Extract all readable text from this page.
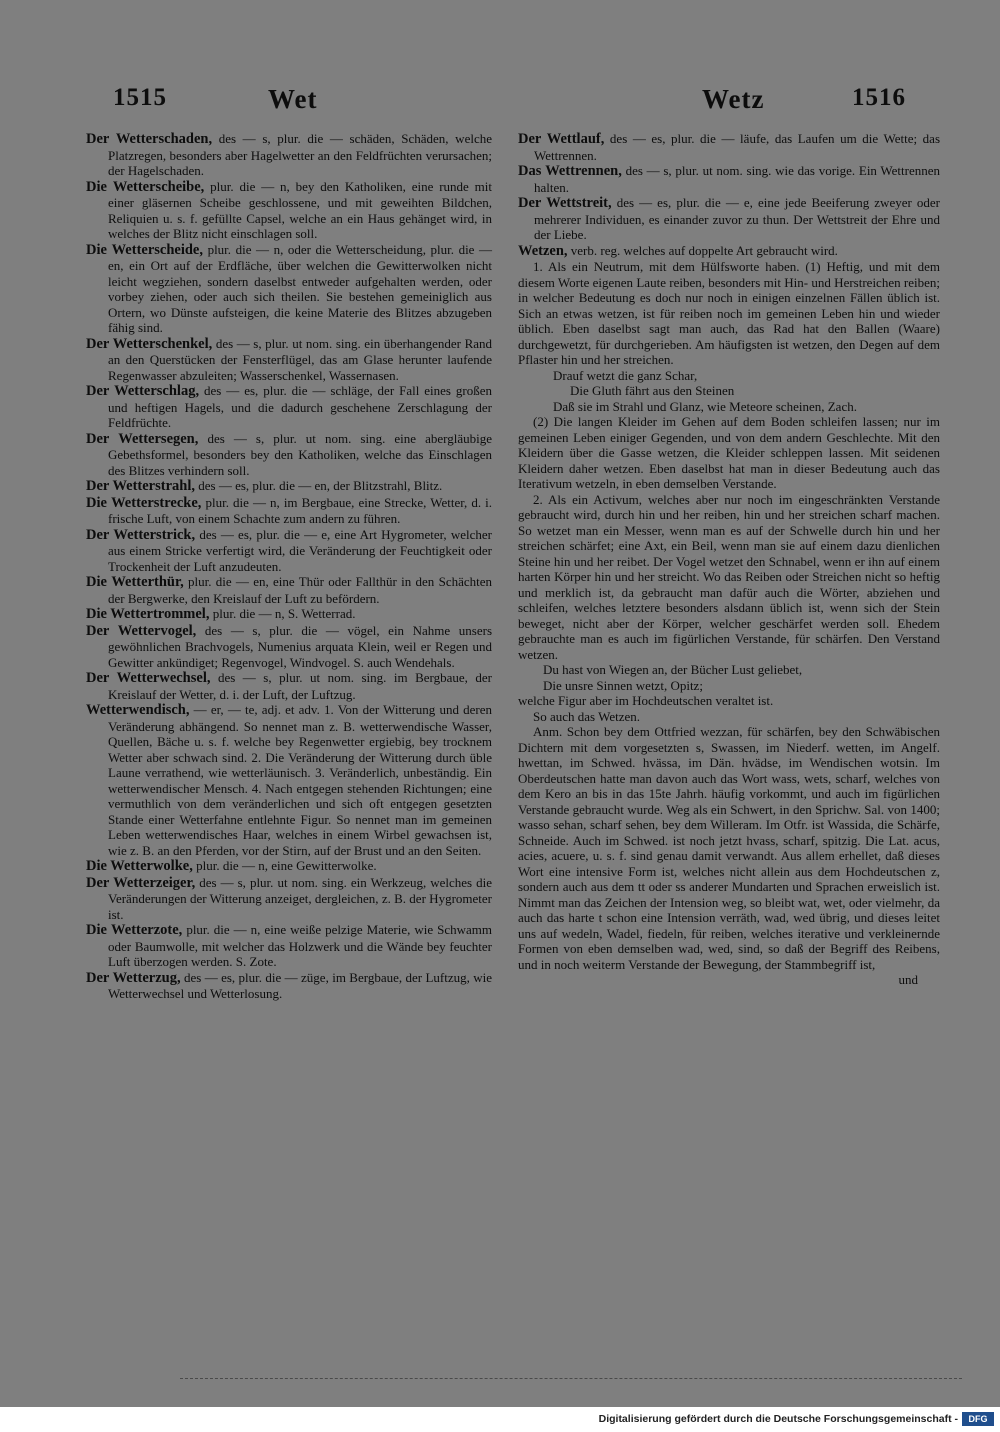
1515	Wet	Wetz	1516

Der Wetterschaden, des — s, plur. die — schäden, Schäden, welche Platzregen, besonders aber Hagelwetter an den Feldfrüchten verursachen; der Hagelschaden.

Die Wetterscheibe, plur. die — n, bey den Katholiken, eine runde mit einer gläsernen Scheibe geschlossene, und mit geweihten Bildchen, Reliquien u. s. f. gefüllte Capsel, welche an ein Haus gehänget wird, in welches der Blitz nicht einschlagen soll.

Die Wetterscheide, plur. die — n, oder die Wetterscheidung, plur. die — en, ein Ort auf der Erdfläche, über welchen die Gewitterwolken nicht leicht wegziehen, sondern daselbst entweder aufgehalten werden, oder vorbey ziehen, oder auch sich theilen. Sie bestehen gemeiniglich aus Ortern, wo Dünste aufsteigen, die keine Materie des Blitzes abzugeben fähig sind.

Der Wetterschenkel, des — s, plur. ut nom. sing. ein überhangender Rand an den Querstücken der Fensterflügel, das am Glase herunter laufende Regenwasser abzuleiten; Wasserschenkel, Wassernasen.

Der Wetterschlag, des — es, plur. die — schläge, der Fall eines großen und heftigen Hagels, und die dadurch geschehene Zerschlagung der Feldfrüchte.

Der Wettersegen, des — s, plur. ut nom. sing. eine abergläubige Gebethsformel, besonders bey den Katholiken, welche das Einschlagen des Blitzes verhindern soll.

Der Wetterstrahl, des — es, plur. die — en, der Blitzstrahl, Blitz.

Die Wetterstrecke, plur. die — n, im Bergbaue, eine Strecke, Wetter, d. i. frische Luft, von einem Schachte zum andern zu führen.

Der Wetterstrick, des — es, plur. die — e, eine Art Hygrometer, welcher aus einem Stricke verfertigt wird, die Veränderung der Feuchtigkeit oder Trockenheit der Luft anzudeuten.

Die Wetterthür, plur. die — en, eine Thür oder Fallthür in den Schächten der Bergwerke, den Kreislauf der Luft zu befördern.

Die Wettertrommel, plur. die — n, S. Wetterrad.

Der Wettervogel, des — s, plur. die — vögel, ein Nahme unsers gewöhnlichen Brachvogels, Numenius arquata Klein, weil er Regen und Gewitter ankündiget; Regenvogel, Windvogel. S. auch Wendehals.

Der Wetterwechsel, des — s, plur. ut nom. sing. im Bergbaue, der Kreislauf der Wetter, d. i. der Luft, der Luftzug.

Wetterwendisch, — er, — te, adj. et adv. 1. Von der Witterung und deren Veränderung abhängend. So nennet man z. B. wetterwendische Wasser, Quellen, Bäche u. s. f. welche bey Regenwetter ergiebig, bey trocknem Wetter aber schwach sind. 2. Die Veränderung der Witterung durch üble Laune verrathend, wie wetterläunisch. 3. Veränderlich, unbeständig. Ein wetterwendischer Mensch. 4. Nach entgegen stehenden Richtungen; eine vermuthlich von dem veränderlichen und sich oft entgegen gesetzten Stande einer Wetterfahne entlehnte Figur. So nennet man im gemeinen Leben wetterwendisches Haar, welches in einem Wirbel gewachsen ist, wie z. B. an den Pferden, vor der Stirn, auf der Brust und an den Seiten.

Die Wetterwolke, plur. die — n, eine Gewitterwolke.

Der Wetterzeiger, des — s, plur. ut nom. sing. ein Werkzeug, welches die Veränderungen der Witterung anzeiget, dergleichen, z. B. der Hygrometer ist.

Die Wetterzote, plur. die — n, eine weiße pelzige Materie, wie Schwamm oder Baumwolle, mit welcher das Holzwerk und die Wände bey feuchter Luft überzogen werden. S. Zote.

Der Wetterzug, des — es, plur. die — züge, im Bergbaue, der Luftzug, wie Wetterwechsel und Wetterlosung.

Der Wettlauf, des — es, plur. die — läufe, das Laufen um die Wette; das Wettrennen.

Das Wettrennen, des — s, plur. ut nom. sing. wie das vorige. Ein Wettrennen halten.

Der Wettstreit, des — es, plur. die — e, eine jede Beeiferung zweyer oder mehrerer Individuen, es einander zuvor zu thun. Der Wettstreit der Ehre und der Liebe.

Wetzen, verb. reg. welches auf doppelte Art gebraucht wird.

1. Als ein Neutrum, mit dem Hülfsworte haben. (1) Heftig, und mit dem diesem Worte eigenen Laute reiben, besonders mit Hin- und Herstreichen reiben; in welcher Bedeutung es doch nur noch in einigen einzelnen Fällen üblich ist. Sich an etwas wetzen, ist für reiben noch im gemeinen Leben hin und wieder üblich. Eben daselbst sagt man auch, das Rad hat den Ballen (Waare) durchgewetzt, für durchgerieben. Am häufigsten ist wetzen, den Degen auf dem Pflaster hin und her streichen.

Drauf wetzt die ganz Schar,
Die Gluth fährt aus den Steinen
Daß sie im Strahl und Glanz, wie Meteore scheinen, Zach.

(2) Die langen Kleider im Gehen auf dem Boden schleifen lassen; nur im gemeinen Leben einiger Gegenden, und von dem andern Geschlechte. Mit den Kleidern über die Gasse wetzen, die Kleider schleppen lassen. Mit seidenen Kleidern daher wetzen. Eben daselbst hat man in dieser Bedeutung auch das Iterativum wetzeln, in eben demselben Verstande.

2. Als ein Activum, welches aber nur noch im eingeschränkten Verstande gebraucht wird, durch hin und her reiben, hin und her streichen scharf machen. So wetzet man ein Messer, wenn man es auf der Schwelle durch hin und her streichen schärfet; eine Axt, ein Beil, wenn man sie auf einem dazu dienlichen Steine hin und her reibet. Der Vogel wetzet den Schnabel, wenn er ihn auf einem harten Körper hin und her streicht. Wo das Reiben oder Streichen nicht so heftig und merklich ist, da gebraucht man dafür auch die Wörter, abziehen und schleifen, welches letztere besonders alsdann üblich ist, wenn sich der Stein beweget, nicht aber der Körper, welcher geschärfet werden soll. Ehedem gebrauchte man es auch im figürlichen Verstande, für schärfen. Den Verstand wetzen.

Du hast von Wiegen an, der Bücher Lust geliebet,
Die unsre Sinnen wetzt, Opitz;

welche Figur aber im Hochdeutschen veraltet ist.

So auch das Wetzen.

Anm. Schon bey dem Ottfried wezzan, für schärfen, bey den Schwäbischen Dichtern mit dem vorgesetzten s, Swassen, im Niederf. wetten, im Angelf. hwettan, im Schwed. hvässa, im Dän. hvädse, im Wendischen wotsin. Im Oberdeutschen hatte man davon auch das Wort wass, wets, scharf, welches von dem Kero an bis in das 15te Jahrh. häufig vorkommt, und auch im figürlichen Verstande gebraucht wurde. Weg als ein Schwert, in den Sprichw. Sal. von 1400; wasso sehan, scharf sehen, bey dem Willeram. Im Otfr. ist Wassida, die Schärfe, Schneide. Auch im Schwed. ist noch jetzt hvass, scharf, spitzig. Die Lat. acus, acies, acuere, u. s. f. sind genau damit verwandt. Aus allem erhellet, daß dieses Wort eine intensive Form ist, welches nicht allein aus dem Hochdeutschen z, sondern auch aus dem tt oder ss anderer Mundarten und Sprachen erweislich ist. Nimmt man das Zeichen der Intension weg, so bleibt wat, wet, oder vielmehr, da auch das harte t schon eine Intension verräth, wad, wed übrig, und dieses leitet uns auf wedeln, Wadel, fiedeln, für reiben, welches iterative und verkleinernde Formen von eben demselben wad, wed, sind, so daß der Begriff des Reibens, und in noch weiterm Verstande der Bewegung, der Stammbegriff ist,

und

Digitalisierung gefördert durch die Deutsche Forschungsgemeinschaft -	DFG
